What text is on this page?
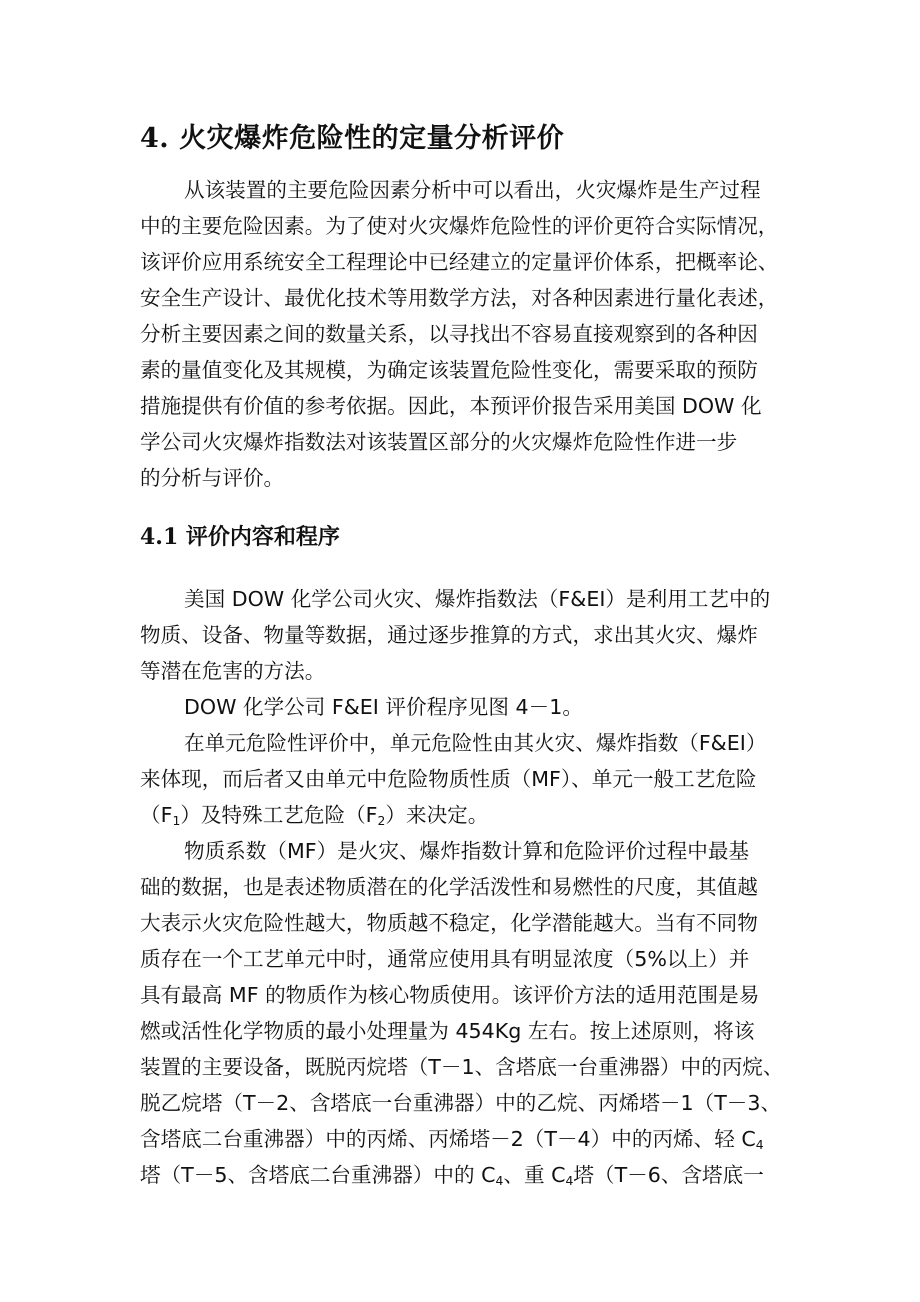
4. 火灾爆炸危险性的定量分析评价
从该装置的主要危险因素分析中可以看出，火灾爆炸是生产过程
中的主要危险因素。为了使对火灾爆炸危险性的评价更符合实际情况，
该评价应用系统安全工程理论中已经建立的定量评价体系，把概率论、
安全生产设计、最优化技术等用数学方法，对各种因素进行量化表述，
分析主要因素之间的数量关系，以寻找出不容易直接观察到的各种因
素的量值变化及其规模，为确定该装置危险性变化，需要采取的预防
措施提供有价值的参考依据。因此，本预评价报告采用美国 DOW 化
学公司火灾爆炸指数法对该装置区部分的火灾爆炸危险性作进一步
的分析与评价。
4.1 评价内容和程序
美国 DOW 化学公司火灾、爆炸指数法（F&EI）是利用工艺中的
物质、设备、物量等数据，通过逐步推算的方式，求出其火灾、爆炸
等潜在危害的方法。
DOW 化学公司 F&EI 评价程序见图 4－1。
在单元危险性评价中，单元危险性由其火灾、爆炸指数（F&EI）
来体现，而后者又由单元中危险物质性质（MF）、单元一般工艺危险
$(F_1)$及特殊工艺危险$(F_2)$来决定。
物质系数（MF）是火灾、爆炸指数计算和危险评价过程中最基
础的数据，也是表述物质潜在的化学活泼性和易燃性的尺度，其值越
大表示火灾危险性越大，物质越不稳定，化学潜能越大。当有不同物
质存在一个工艺单元中时，通常应使用具有明显浓度（5%以上）并
具有最高 MF 的物质作为核心物质使用。该评价方法的适用范围是易
燃或活性化学物质的最小处理量为 454Kg 左右。按上述原则，将该
装置的主要设备，既脱丙烷塔（T－1、含塔底一台重沸器）中的丙烷、
脱乙烷塔（T－2、含塔底一台重沸器）中的乙烷、丙烯塔－1（T－3、
含塔底二台重沸器）中的丙烯、丙烯塔－2（T－4）中的丙烯、轻 $C_4$
塔（T－5、含塔底二台重沸器）中的 $C_4$、重 $C_4$塔（T－6、含塔底一
